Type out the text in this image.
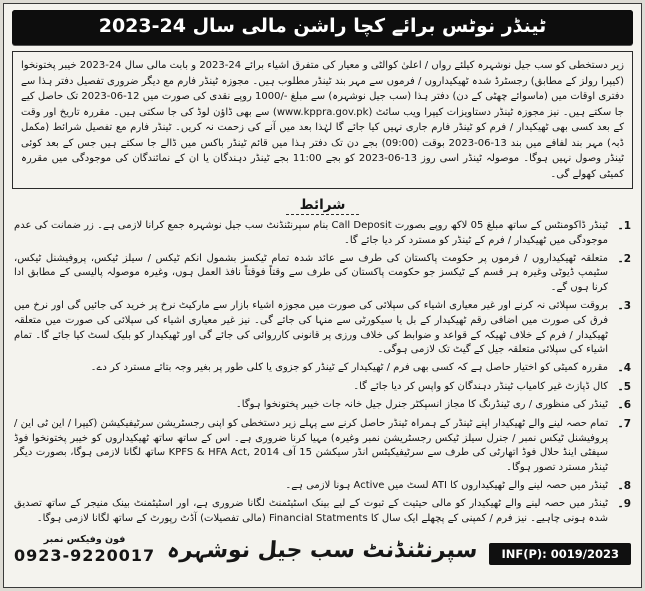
ٹینڈر نوٹس برائے کچا راشن مالی سال 24-2023
زیر دستخطی کو سب جیل نوشہرہ کیلئے رواں / اعلیٰ کوالٹی و معیار کی متفرق اشیاء برائے 24-2023 و بابت مالی سال 24-2023 خیبر پختونخوا (کیپرا رولز کے مطابق) رجسٹرڈ شدہ ٹھیکیداروں / فرموں سے مہر بند ٹینڈر مطلوب ہیں۔ مجوزہ ٹینڈر فارم مع دیگر ضروری تفصیل دفتر ہذا سے دفتری اوقات میں (ماسوائے چھٹی کے دن) دفتر ہذا (سب جیل نوشہرہ) سے مبلغ -/1000 روپے نقدی کی صورت میں 12-06-2023 تک حاصل کیے جا سکتے ہیں۔ نیز مجوزہ ٹینڈر دستاویزات کیپرا ویب سائٹ (www.kppra.gov.pk) سے بھی ڈاؤن لوڈ کی جا سکتی ہیں۔ مقررہ تاریخ اور وقت کے بعد کسی بھی ٹھیکیدار / فرم کو ٹینڈر فارم جاری نہیں کیا جائے گا لہٰذا بعد میں آنے کی زحمت نہ کریں۔ ٹینڈر فارم مع تفصیل شرائط (مکمل ڈبہ) مہر بند لفافے میں بند 13-06-2023 بوقت (09:00) بجے دن تک دفتر ہذا میں قائم ٹینڈر باکس میں ڈالے جا سکتے ہیں جس کے بعد کوئی ٹینڈر وصول نہیں ہوگا۔ موصولہ ٹینڈر اسی روز 13-06-2023 کو بجے 11:00 بجے ٹینڈر دہندگان یا ان کے نمائندگان کی موجودگی میں مقررہ کمیٹی کھولے گی۔
شرائط
1۔
ٹینڈر ڈاکومنٹس کے ساتھ مبلغ 05 لاکھ روپے بصورت Call Deposit بنام سپرنٹنڈنٹ سب جیل نوشہرہ جمع کرانا لازمی ہے۔ زر ضمانت کی عدم موجودگی میں ٹھیکیدار / فرم کے ٹینڈر کو مسترد کر دیا جائے گا۔
2۔
متعلقہ ٹھیکیداروں / فرموں پر حکومت پاکستان کی طرف سے عائد شدہ تمام ٹیکسز بشمول انکم ٹیکس / سیلز ٹیکس، پروفیشنل ٹیکس، سٹیمپ ڈیوٹی وغیرہ ہر قسم کے ٹیکسز جو حکومت پاکستان کی طرف سے وقتاً فوقتاً نافذ العمل ہوں، وغیرہ موصولہ پالیسی کے مطابق ادا کرنا ہوں گے۔
3۔
بروقت سپلائی نہ کرنے اور غیر معیاری اشیاء کی سپلائی کی صورت میں مجوزہ اشیاء بازار سے مارکیٹ نرخ پر خرید کی جائیں گی اور نرخ میں فرق کی صورت میں اضافی رقم ٹھیکیدار کے بل یا سیکورٹی سے منہا کی جائے گی۔ نیز غیر معیاری اشیاء کی سپلائی کی صورت میں متعلقہ ٹھیکیدار / فرم کے خلاف ٹھیکہ کے قواعد و ضوابط کی خلاف ورزی پر قانونی کارروائی کی جائے گی اور ٹھیکیدار کو بلیک لسٹ کیا جائے گا۔ تمام اشیاء کی سپلائی متعلقہ جیل کے گیٹ تک لازمی ہوگی۔
4۔
مقررہ کمیٹی کو اختیار حاصل ہے کہ کسی بھی فرم / ٹھیکیدار کے ٹینڈر کو جزوی یا کلی طور پر بغیر وجہ بتائے مسترد کر دے۔
5۔
کال ڈپازٹ غیر کامیاب ٹینڈر دہندگان کو واپس کر دیا جائے گا۔
6۔
ٹینڈر کی منظوری / ری ٹینڈرنگ کا مجاز انسپکٹر جنرل جیل خانہ جات خیبر پختونخوا ہوگا۔
7۔
تمام حصہ لینے والے ٹھیکیدار اپنے ٹینڈر کے ہمراہ ٹینڈر حاصل کرنے سے پہلے زیر دستخطی کو اپنی رجسٹریشن سرٹیفیکیشن (کیپرا / این ٹی این / پروفیشنل ٹیکس نمبر / جنرل سیلز ٹیکس رجسٹریشن نمبر وغیرہ) مہیا کرنا ضروری ہے۔ اس کے ساتھ ساتھ ٹھیکیداروں کو خیبر پختونخوا فوڈ سیفٹی اینڈ حلال فوڈ اتھارٹی کی طرف سے سرٹیفیکیٹس انڈر سیکشن 15 آف KPFS & HFA Act, 2014 ساتھ لگانا لازمی ہوگا، بصورت دیگر ٹینڈر مسترد تصور ہوگا۔
8۔
ٹینڈر میں حصہ لینے والے ٹھیکیداروں کا ATI لسٹ میں Active ہونا لازمی ہے۔
9۔
ٹینڈر میں حصہ لینے والے ٹھیکیدار کو مالی حیثیت کے ثبوت کے لیے بینک اسٹیٹمنٹ لگانا ضروری ہے، اور اسٹیٹمنٹ بینک منیجر کے ساتھ تصدیق شدہ ہونی چاہیے۔ نیز فرم / کمپنی کے پچھلے ایک سال کا Financial Statments (مالی تفصیلات) آڈٹ رپورٹ کے ساتھ لگانا لازمی ہوگا۔
فون وفیکس نمبر
0923-9220017 سپرنٹنڈنٹ سب جیل نوشہرہ	INF(P): 0019/2023
